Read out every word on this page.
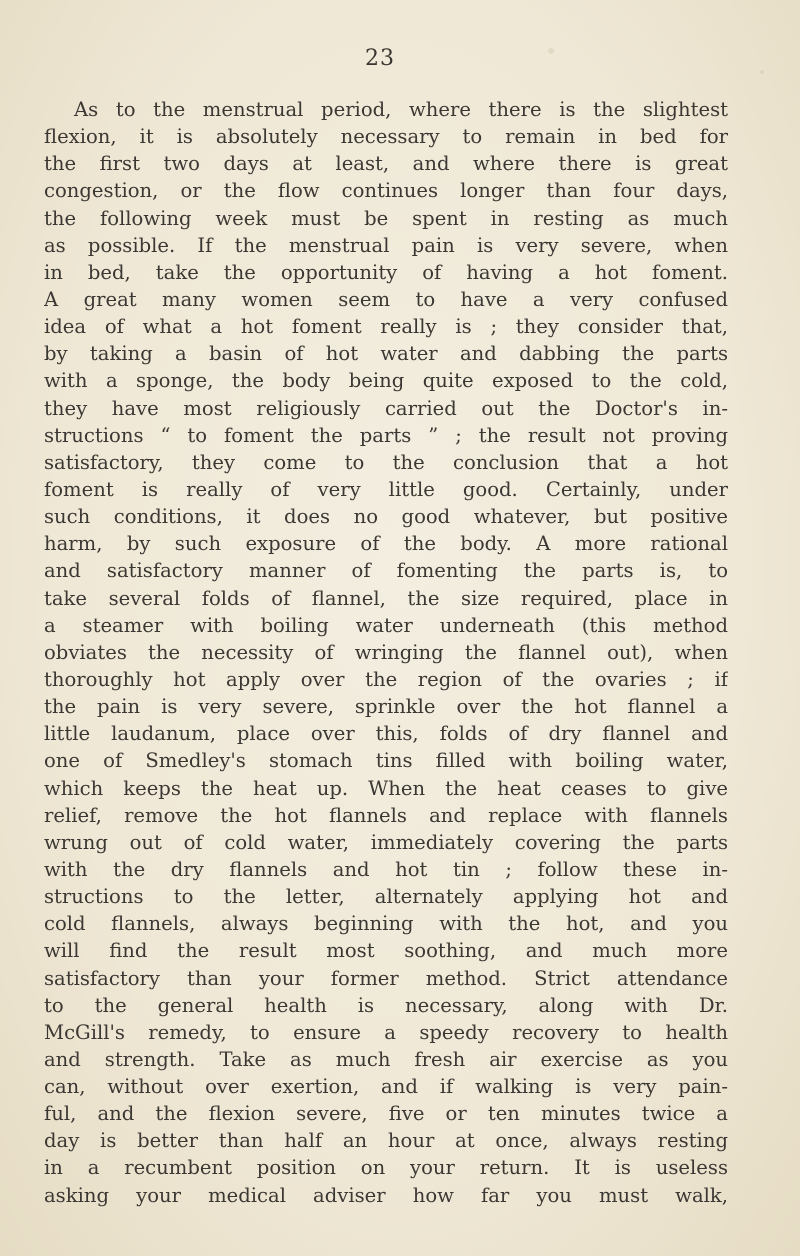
23
As to the menstrual period, where there is the slightest
flexion, it is absolutely necessary to remain in bed for
the first two days at least, and where there is great
congestion, or the flow continues longer than four days,
the following week must be spent in resting as much
as possible. If the menstrual pain is very severe, when
in bed, take the opportunity of having a hot foment.
A great many women seem to have a very confused
idea of what a hot foment really is ; they consider that,
by taking a basin of hot water and dabbing the parts
with a sponge, the body being quite exposed to the cold,
they have most religiously carried out the Doctor's in-
structions “ to foment the parts ” ; the result not proving
satisfactory, they come to the conclusion that a hot
foment is really of very little good. Certainly, under
such conditions, it does no good whatever, but positive
harm, by such exposure of the body. A more rational
and satisfactory manner of fomenting the parts is, to
take several folds of flannel, the size required, place in
a steamer with boiling water underneath (this method
obviates the necessity of wringing the flannel out), when
thoroughly hot apply over the region of the ovaries ; if
the pain is very severe, sprinkle over the hot flannel a
little laudanum, place over this, folds of dry flannel and
one of Smedley's stomach tins filled with boiling water,
which keeps the heat up. When the heat ceases to give
relief, remove the hot flannels and replace with flannels
wrung out of cold water, immediately covering the parts
with the dry flannels and hot tin ; follow these in-
structions to the letter, alternately applying hot and
cold flannels, always beginning with the hot, and you
will find the result most soothing, and much more
satisfactory than your former method. Strict attendance
to the general health is necessary, along with Dr.
McGill's remedy, to ensure a speedy recovery to health
and strength. Take as much fresh air exercise as you
can, without over exertion, and if walking is very pain-
ful, and the flexion severe, five or ten minutes twice a
day is better than half an hour at once, always resting
in a recumbent position on your return. It is useless
asking your medical adviser how far you must walk,
